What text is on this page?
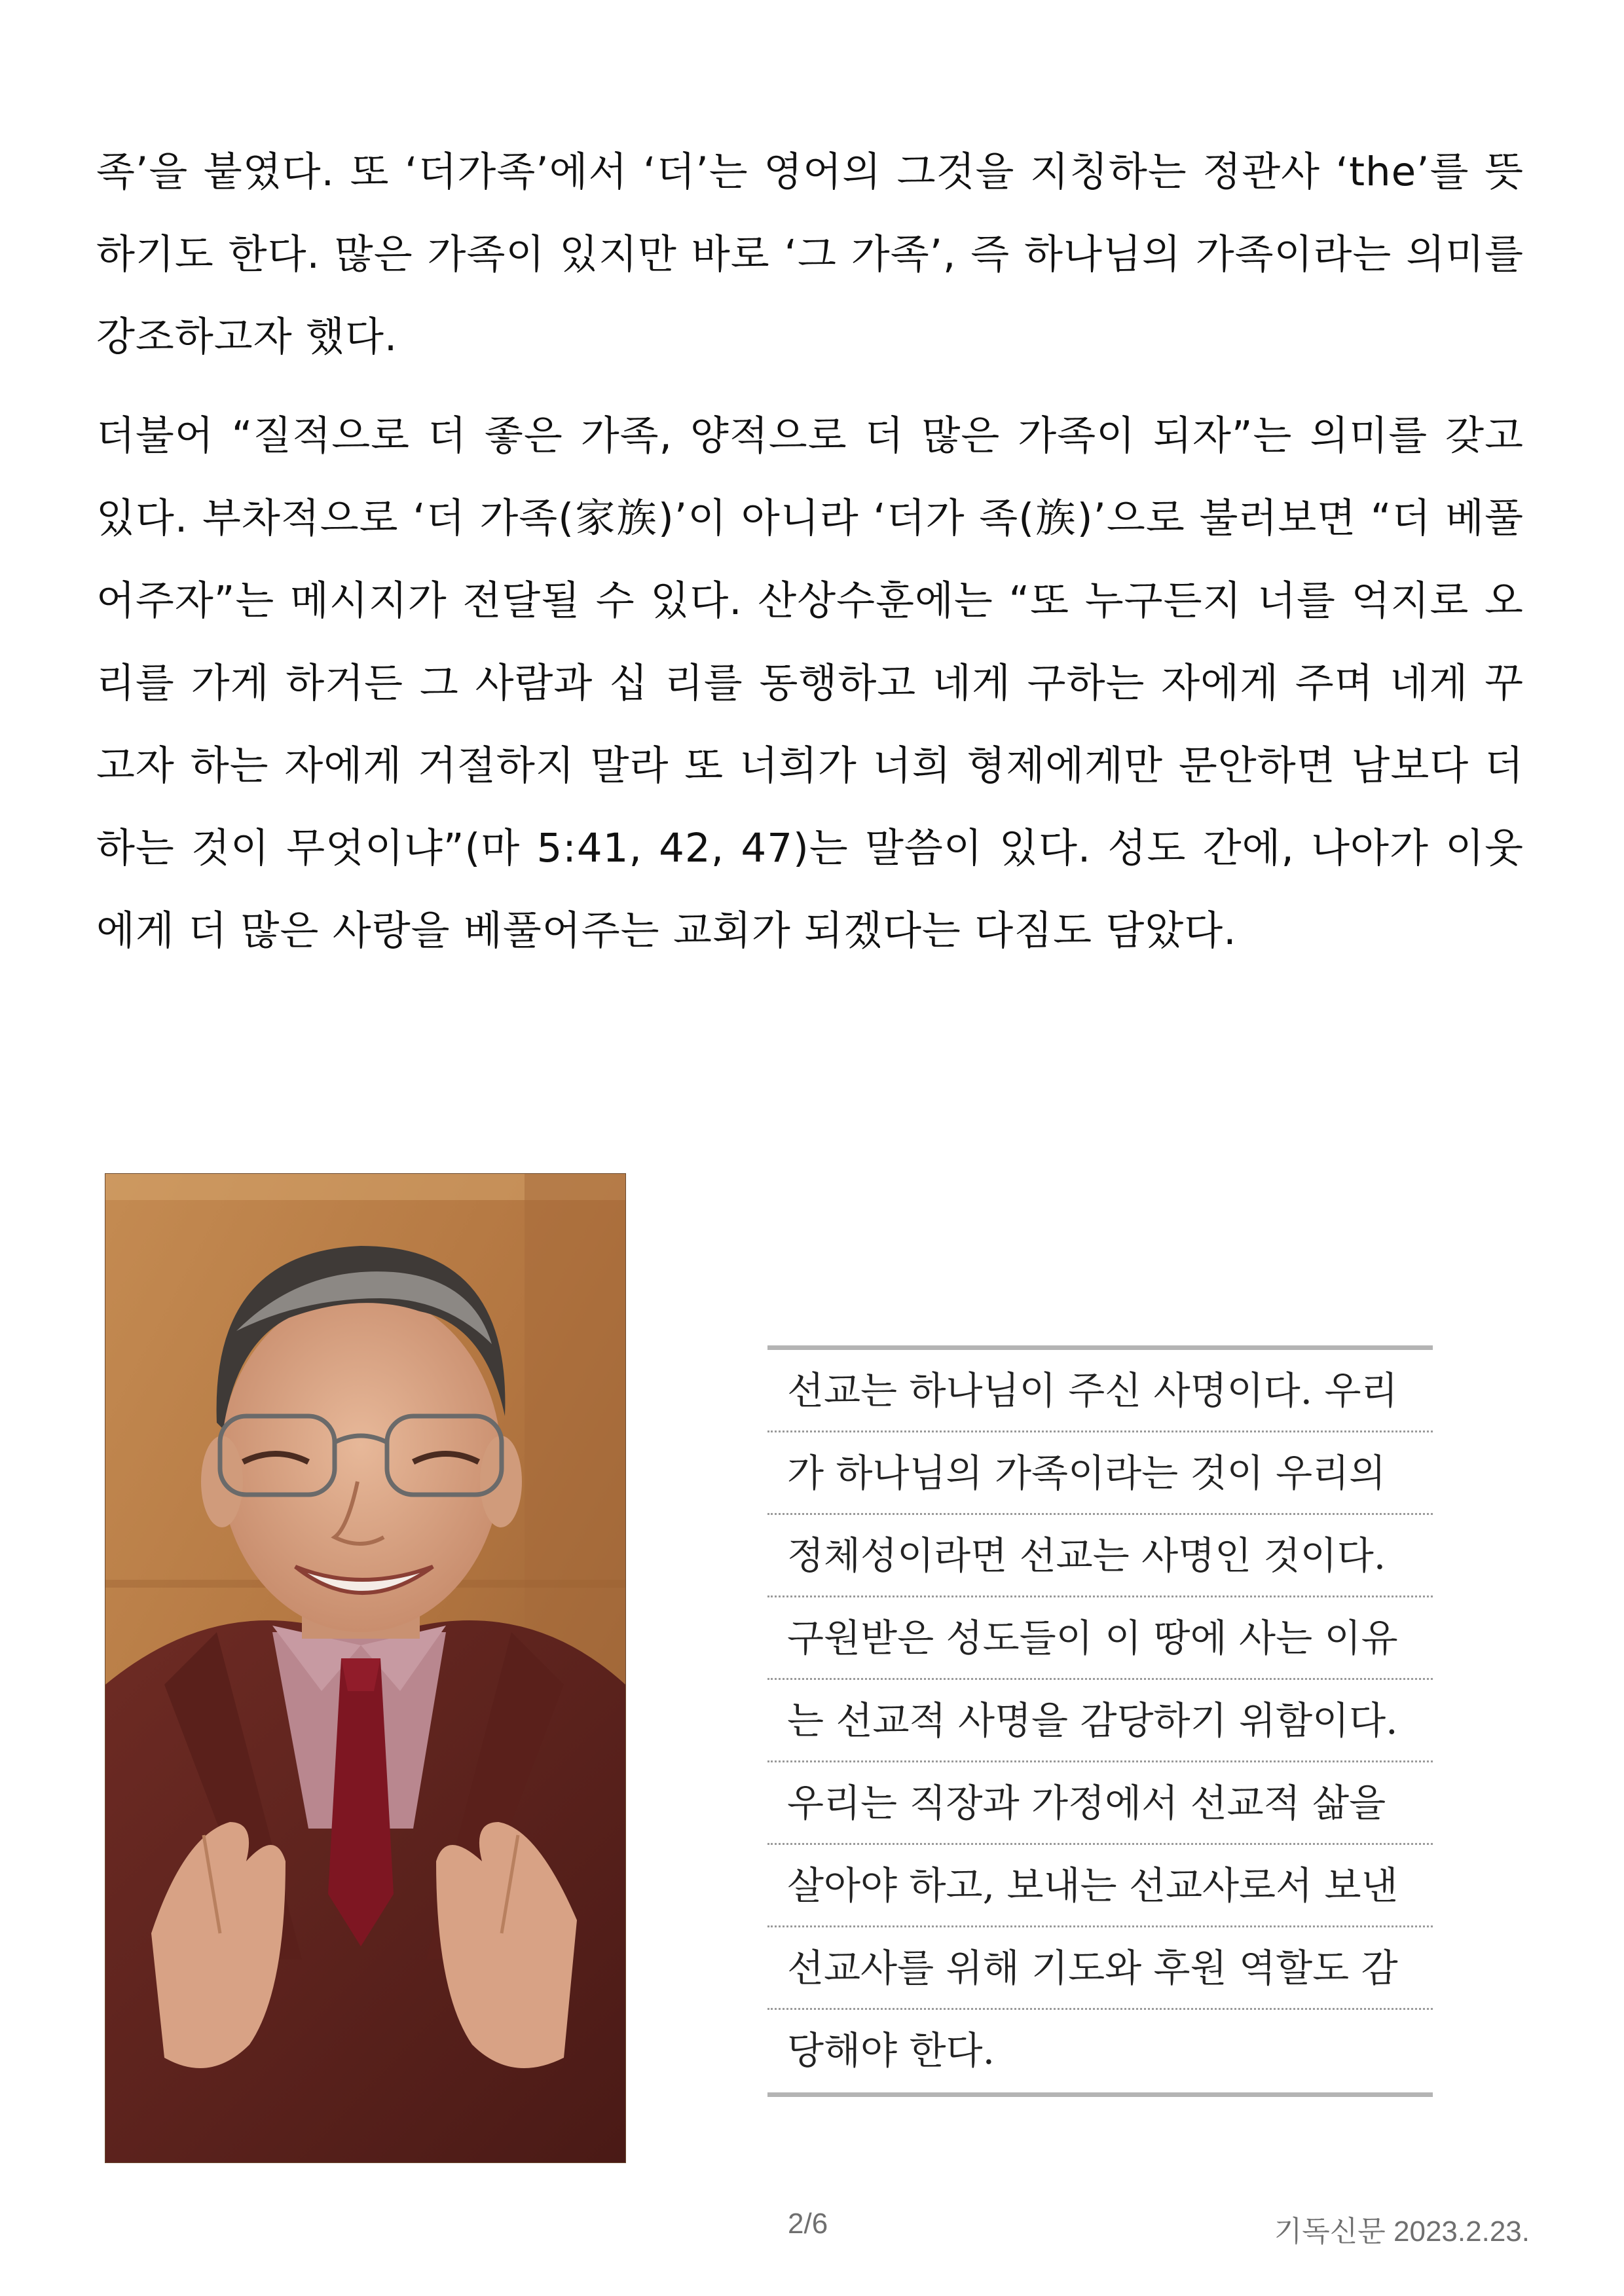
족’을 붙였다. 또 ‘더가족’에서 ‘더’는 영어의 그것을 지칭하는 정관사 ‘the’를 뜻하기도 한다. 많은 가족이 있지만 바로 ‘그 가족’, 즉 하나님의 가족이라는 의미를 강조하고자 했다.

더불어 “질적으로 더 좋은 가족, 양적으로 더 많은 가족이 되자”는 의미를 갖고 있다. 부차적으로 ‘더 가족(家族)’이 아니라 ‘더가 족(族)’으로 불러보면 “더 베풀어주자”는 메시지가 전달될 수 있다. 산상수훈에는 “또 누구든지 너를 억지로 오 리를 가게 하거든 그 사람과 십 리를 동행하고 네게 구하는 자에게 주며 네게 꾸고자 하는 자에게 거절하지 말라 또 너희가 너희 형제에게만 문안하면 남보다 더 하는 것이 무엇이냐”(마 5:41, 42, 47)는 말씀이 있다. 성도 간에, 나아가 이웃에게 더 많은 사랑을 베풀어주는 교회가 되겠다는 다짐도 담았다.

선교는 하나님이 주신 사명이다. 우리
가 하나님의 가족이라는 것이 우리의
정체성이라면 선교는 사명인 것이다.
구원받은 성도들이 이 땅에 사는 이유
는 선교적 사명을 감당하기 위함이다.
우리는 직장과 가정에서 선교적 삶을
살아야 하고, 보내는 선교사로서 보낸
선교사를 위해 기도와 후원 역할도 감
당해야 한다.
2/6	기독신문 2023.2.23.
